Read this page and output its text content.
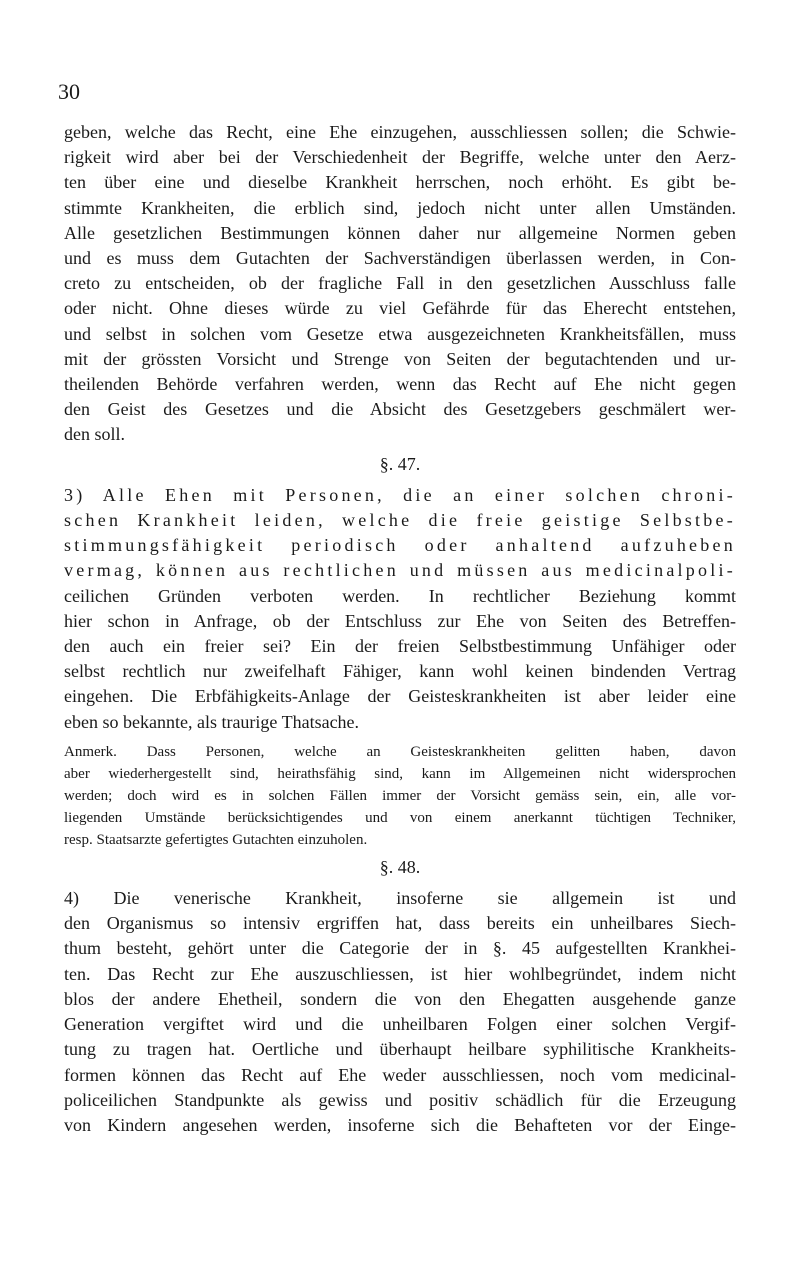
30
geben, welche das Recht, eine Ehe einzugehen, ausschliessen sollen; die Schwie-
rigkeit wird aber bei der Verschiedenheit der Begriffe, welche unter den Aerz-
ten über eine und dieselbe Krankheit herrschen, noch erhöht. Es gibt be-
stimmte Krankheiten, die erblich sind, jedoch nicht unter allen Umständen.
Alle gesetzlichen Bestimmungen können daher nur allgemeine Normen geben
und es muss dem Gutachten der Sachverständigen überlassen werden, in Con-
creto zu entscheiden, ob der fragliche Fall in den gesetzlichen Ausschluss falle
oder nicht. Ohne dieses würde zu viel Gefährde für das Eherecht entstehen,
und selbst in solchen vom Gesetze etwa ausgezeichneten Krankheitsfällen, muss
mit der grössten Vorsicht und Strenge von Seiten der begutachtenden und ur-
theilenden Behörde verfahren werden, wenn das Recht auf Ehe nicht gegen
den Geist des Gesetzes und die Absicht des Gesetzgebers geschmälert wer-
den soll.
§. 47.
3) Alle Ehen mit Personen, die an einer solchen chroni-
schen Krankheit leiden, welche die freie geistige Selbstbe-
stimmungsfähigkeit periodisch oder anhaltend aufzuheben
vermag, können aus rechtlichen und müssen aus medicinalpoli-
ceilichen Gründen verboten werden. In rechtlicher Beziehung kommt
hier schon in Anfrage, ob der Entschluss zur Ehe von Seiten des Betreffen-
den auch ein freier sei? Ein der freien Selbstbestimmung Unfähiger oder
selbst rechtlich nur zweifelhaft Fähiger, kann wohl keinen bindenden Vertrag
eingehen. Die Erbfähigkeits-Anlage der Geisteskrankheiten ist aber leider eine
eben so bekannte, als traurige Thatsache.
Anmerk. Dass Personen, welche an Geisteskrankheiten gelitten haben, davon
aber wiederhergestellt sind, heirathsfähig sind, kann im Allgemeinen nicht widersprochen
werden; doch wird es in solchen Fällen immer der Vorsicht gemäss sein, ein, alle vor-
liegenden Umstände berücksichtigendes und von einem anerkannt tüchtigen Techniker,
resp. Staatsarzte gefertigtes Gutachten einzuholen.
§. 48.
4) Die venerische Krankheit, insoferne sie allgemein ist und
den Organismus so intensiv ergriffen hat, dass bereits ein unheilbares Siech-
thum besteht, gehört unter die Categorie der in §. 45 aufgestellten Krankhei-
ten. Das Recht zur Ehe auszuschliessen, ist hier wohlbegründet, indem nicht
blos der andere Ehetheil, sondern die von den Ehegatten ausgehende ganze
Generation vergiftet wird und die unheilbaren Folgen einer solchen Vergif-
tung zu tragen hat. Oertliche und überhaupt heilbare syphilitische Krankheits-
formen können das Recht auf Ehe weder ausschliessen, noch vom medicinal-
policeilichen Standpunkte als gewiss und positiv schädlich für die Erzeugung
von Kindern angesehen werden, insoferne sich die Behafteten vor der Einge-
